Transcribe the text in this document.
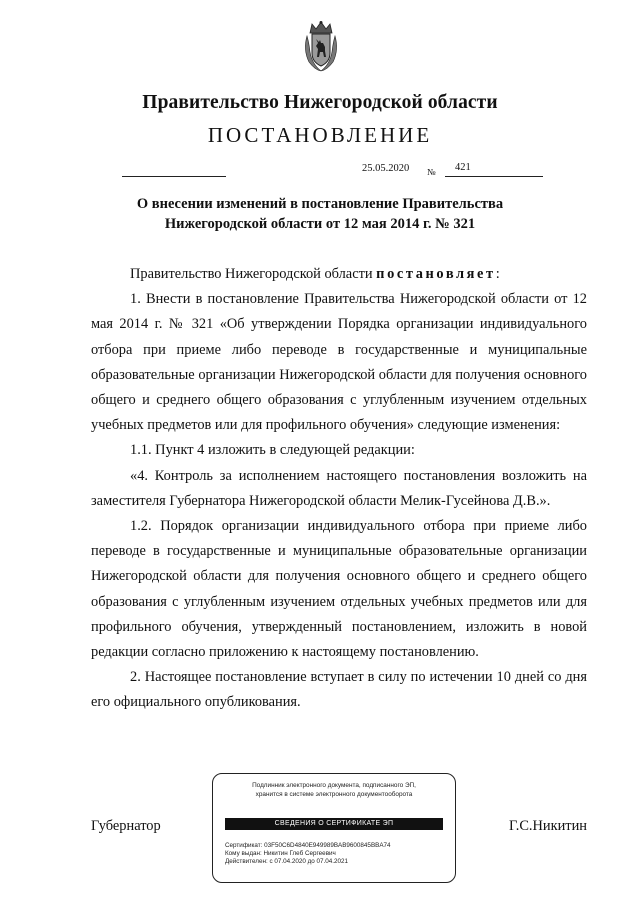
Правительство Нижегородской области
ПОСТАНОВЛЕНИЕ
25.05.2020 № 421
О внесении изменений в постановление Правительства
Нижегородской области от 12 мая 2014 г. № 321

Правительство Нижегородской области постановляет:

1. Внести в постановление Правительства Нижегородской области от 12 мая 2014 г. № 321 «Об утверждении Порядка организации индивидуального отбора при приеме либо переводе в государственные и муниципальные образовательные организации Нижегородской области для получения основного общего и среднего общего образования с углубленным изучением отдельных учебных предметов или для профильного обучения» следующие изменения:

1.1. Пункт 4 изложить в следующей редакции:

«4. Контроль за исполнением настоящего постановления возложить на заместителя Губернатора Нижегородской области Мелик-Гусейнова Д.В.».

1.2. Порядок организации индивидуального отбора при приеме либо переводе в государственные и муниципальные образовательные организации Нижегородской области для получения основного общего и среднего общего образования с углубленным изучением отдельных учебных предметов или для профильного обучения, утвержденный постановлением, изложить в новой редакции согласно приложению к настоящему постановлению.

2. Настоящее постановление вступает в силу по истечении 10 дней со дня его официального опубликования.

Губернатор	Г.С.Никитин
Подлинник электронного документа, подписанного ЭП,
хранится в системе электронного документооборота
СВЕДЕНИЯ О СЕРТИФИКАТЕ ЭП
Сертификат: 03F50C6D4840E949989BAB9600845BBA74
Кому выдан: Никитин Глеб Сергеевич
Действителен: с 07.04.2020 до 07.04.2021
